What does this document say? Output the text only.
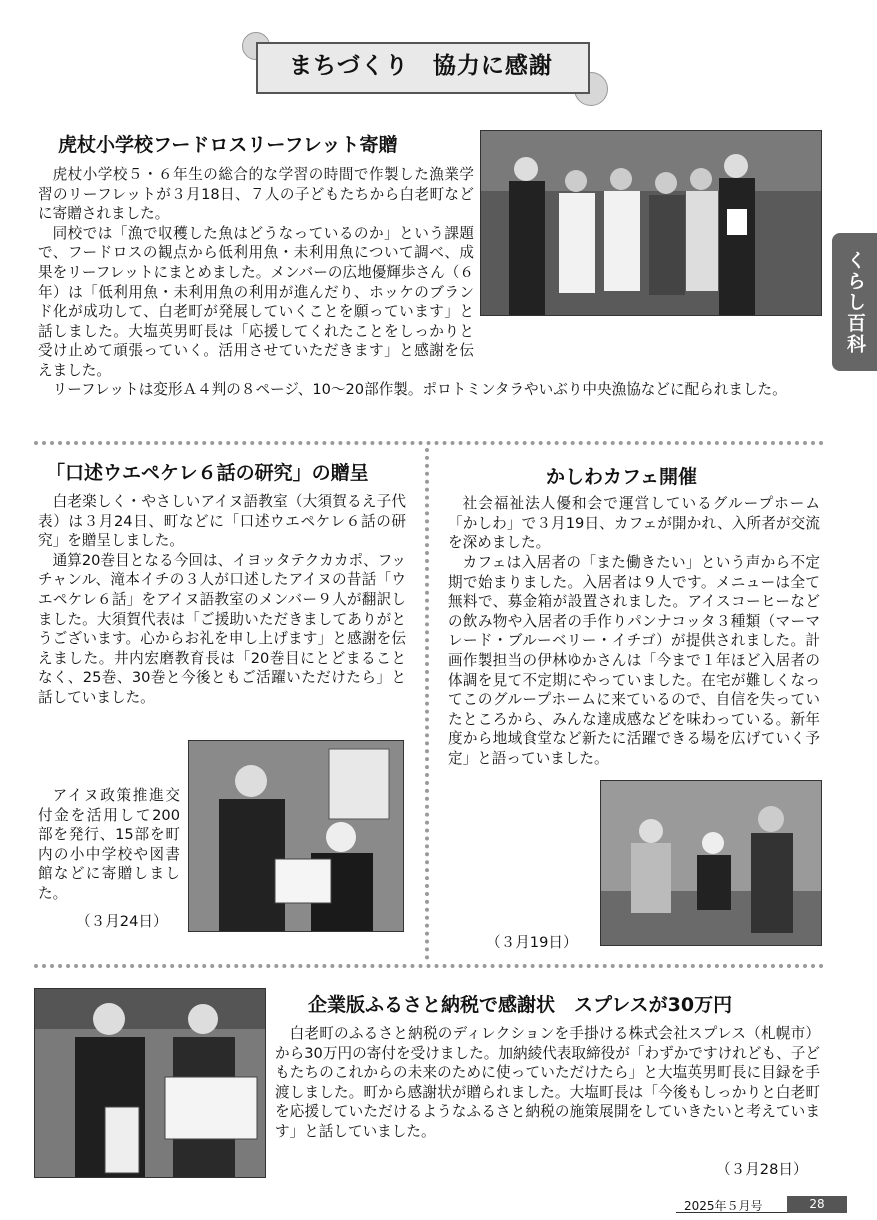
まちづくり　協力に感謝
くらし百科
虎杖小学校フードロスリーフレット寄贈

虎杖小学校５・６年生の総合的な学習の時間で作製した漁業学習のリーフレットが３月18日、７人の子どもたちから白老町などに寄贈されました。

同校では「漁で収穫した魚はどうなっているのか」という課題で、フードロスの観点から低利用魚・未利用魚について調べ、成果をリーフレットにまとめました。メンバーの広地優輝歩さん（６年）は「低利用魚・未利用魚の利用が進んだり、ホッケのブランド化が成功して、白老町が発展していくことを願っています」と話しました。大塩英男町長は「応援してくれたことをしっかりと受け止めて頑張っていく。活用させていただきます」と感謝を伝えました。

リーフレットは変形Ａ４判の８ページ、10～20部作製。ポロトミンタラやいぶり中央漁協などに配られました。

「口述ウエペケレ６話の研究」の贈呈

白老楽しく・やさしいアイヌ語教室（大須賀るえ子代表）は３月24日、町などに「口述ウエペケレ６話の研究」を贈呈しました。

通算20巻目となる今回は、イヨッタテクカカポ、フッチャンル、滝本イチの３人が口述したアイヌの昔話「ウエペケレ６話」をアイヌ語教室のメンバー９人が翻訳しました。大須賀代表は「ご援助いただきましてありがとうございます。心からお礼を申し上げます」と感謝を伝えました。井内宏磨教育長は「20巻目にとどまることなく、25巻、30巻と今後ともご活躍いただけたら」と話していました。

アイヌ政策推進交付金を活用して200部を発行、15部を町内の小中学校や図書館などに寄贈しました。

（３月24日）
かしわカフェ開催

社会福祉法人優和会で運営しているグループホーム「かしわ」で３月19日、カフェが開かれ、入所者が交流を深めました。

カフェは入居者の「また働きたい」という声から不定期で始まりました。入居者は９人です。メニューは全て無料で、募金箱が設置されました。アイスコーヒーなどの飲み物や入居者の手作りパンナコッタ３種類（マーマレード・ブルーベリー・イチゴ）が提供されました。計画作製担当の伊林ゆかさんは「今まで１年ほど入居者の体調を見て不定期にやっていました。在宅が難しくなってこのグループホームに来ているので、自信を失っていたところから、みんな達成感などを味わっている。新年度から地域食堂など新たに活躍できる場を広げていく予定」と語っていました。

（３月19日）
企業版ふるさと納税で感謝状　スプレスが30万円

白老町のふるさと納税のディレクションを手掛ける株式会社スプレス（札幌市）から30万円の寄付を受けました。加納綾代表取締役が「わずかですけれども、子どもたちのこれからの未来のために使っていただけたら」と大塩英男町長に目録を手渡しました。町から感謝状が贈られました。大塩町長は「今後もしっかりと白老町を応援していただけるようなふるさと納税の施策展開をしていきたいと考えています」と話していました。

（３月28日）
2025年５月号	28
